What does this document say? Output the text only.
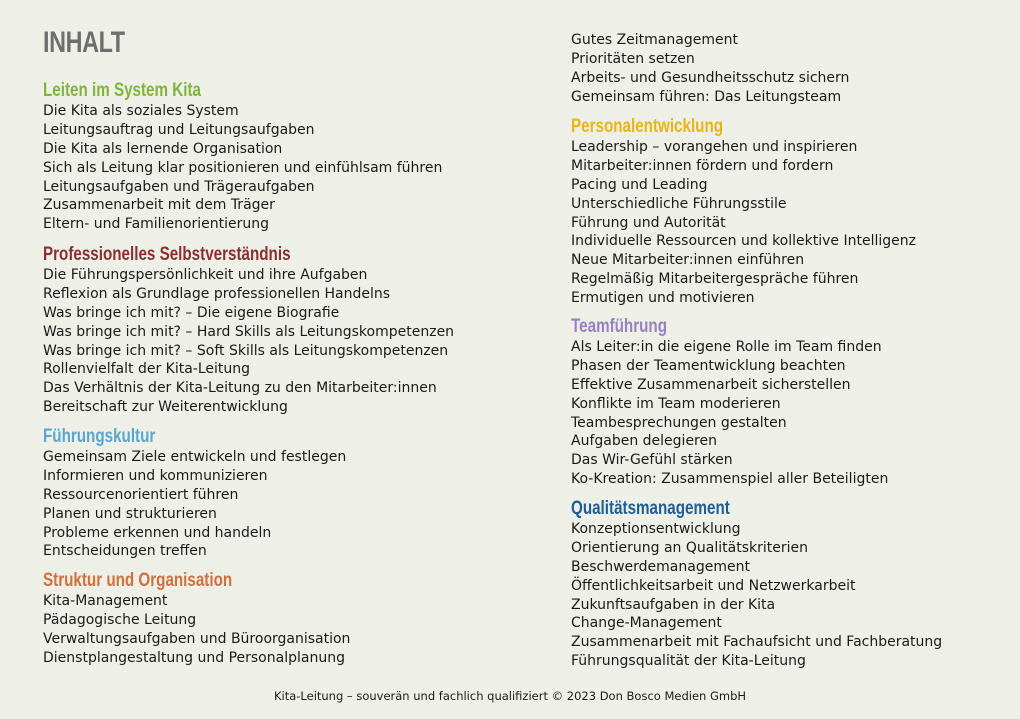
INHALT
Leiten im System Kita
Die Kita als soziales System
Leitungsauftrag und Leitungsaufgaben
Die Kita als lernende Organisation
Sich als Leitung klar positionieren und einfühlsam führen
Leitungsaufgaben und Trägeraufgaben
Zusammenarbeit mit dem Träger
Eltern- und Familienorientierung
Professionelles Selbstverständnis
Die Führungspersönlichkeit und ihre Aufgaben
Reflexion als Grundlage professionellen Handelns
Was bringe ich mit? – Die eigene Biografie
Was bringe ich mit? – Hard Skills als Leitungskompetenzen
Was bringe ich mit? – Soft Skills als Leitungskompetenzen
Rollenvielfalt der Kita-Leitung
Das Verhältnis der Kita-Leitung zu den Mitarbeiter:innen
Bereitschaft zur Weiterentwicklung
Führungskultur
Gemeinsam Ziele entwickeln und festlegen
Informieren und kommunizieren
Ressourcenorientiert führen
Planen und strukturieren
Probleme erkennen und handeln
Entscheidungen treffen
Struktur und Organisation
Kita-Management
Pädagogische Leitung
Verwaltungsaufgaben und Büroorganisation
Dienstplangestaltung und Personalplanung
Gutes Zeitmanagement
Prioritäten setzen
Arbeits- und Gesundheitsschutz sichern
Gemeinsam führen: Das Leitungsteam
Personalentwicklung
Leadership – vorangehen und inspirieren
Mitarbeiter:innen fördern und fordern
Pacing und Leading
Unterschiedliche Führungsstile
Führung und Autorität
Individuelle Ressourcen und kollektive Intelligenz
Neue Mitarbeiter:innen einführen
Regelmäßig Mitarbeitergespräche führen
Ermutigen und motivieren
Teamführung
Als Leiter:in die eigene Rolle im Team finden
Phasen der Teamentwicklung beachten
Effektive Zusammenarbeit sicherstellen
Konflikte im Team moderieren
Teambesprechungen gestalten
Aufgaben delegieren
Das Wir-Gefühl stärken
Ko-Kreation: Zusammenspiel aller Beteiligten
Qualitätsmanagement
Konzeptionsentwicklung
Orientierung an Qualitätskriterien
Beschwerdemanagement
Öffentlichkeitsarbeit und Netzwerkarbeit
Zukunftsaufgaben in der Kita
Change-Management
Zusammenarbeit mit Fachaufsicht und Fachberatung
Führungsqualität der Kita-Leitung
Kita-Leitung – souverän und fachlich qualifiziert © 2023 Don Bosco Medien GmbH
